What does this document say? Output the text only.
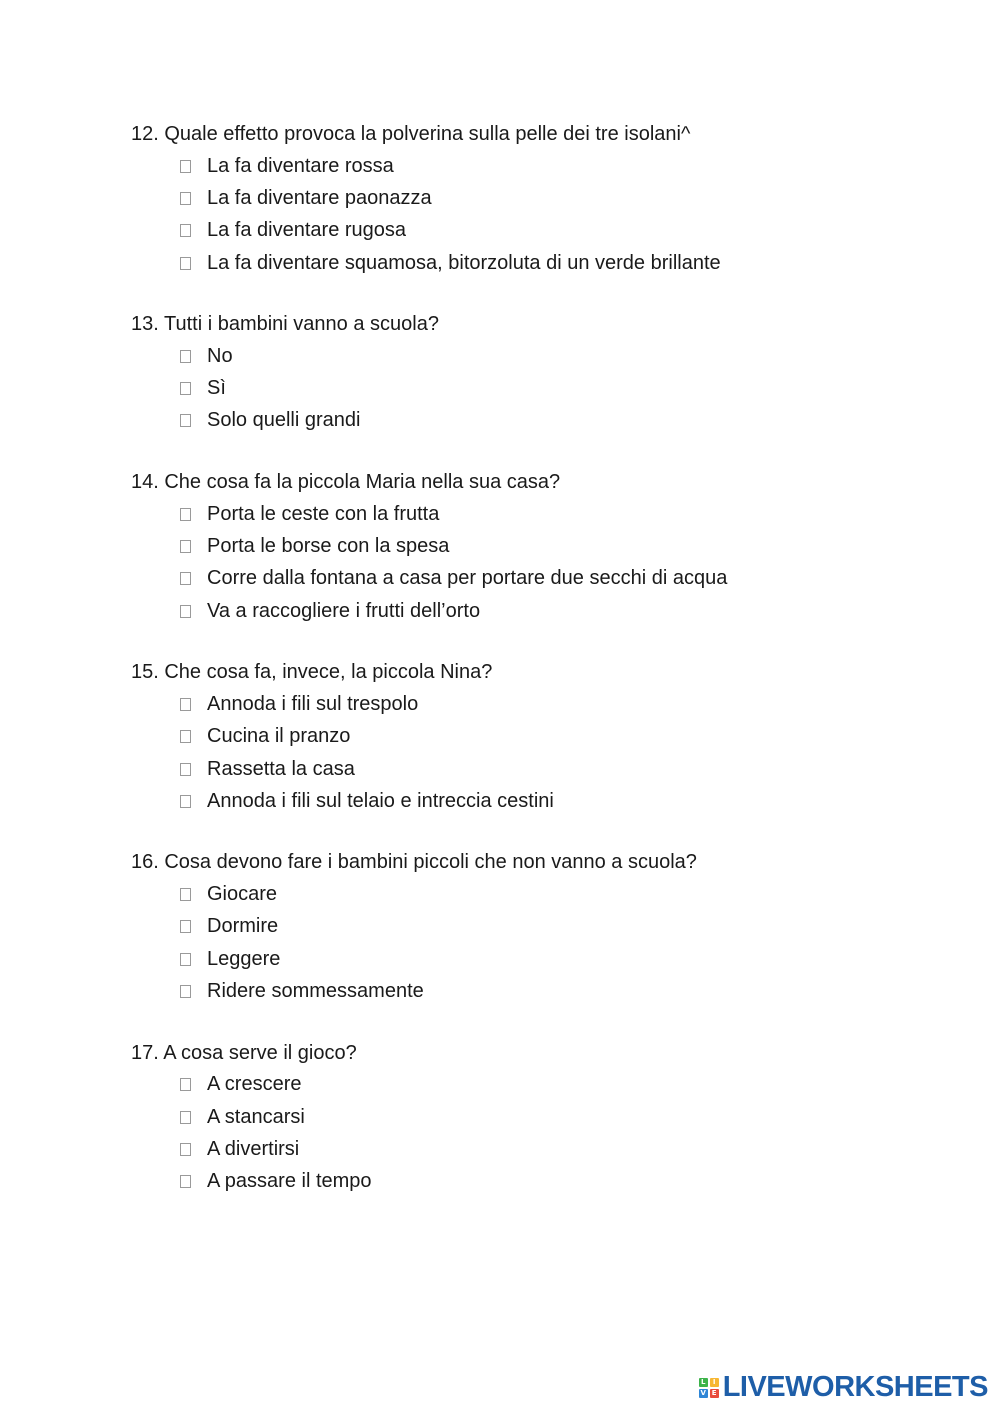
12. Quale effetto provoca la polverina sulla pelle dei tre isolani^
La fa diventare rossa
La fa diventare paonazza
La fa diventare rugosa
La fa diventare squamosa, bitorzoluta di un verde brillante
13. Tutti i bambini vanno a scuola?
No
Sì
Solo quelli grandi
14. Che cosa fa la piccola Maria nella sua casa?
Porta le ceste con la frutta
Porta le borse con la spesa
Corre dalla fontana a casa per portare due secchi di acqua
Va a raccogliere i frutti dell’orto
15. Che cosa fa, invece, la piccola Nina?
Annoda i fili sul trespolo
Cucina il pranzo
Rassetta la casa
Annoda i fili sul telaio e intreccia cestini
16. Cosa devono fare i bambini piccoli che non vanno a scuola?
Giocare
Dormire
Leggere
Ridere sommessamente
17. A cosa serve il gioco?
A crescere
A stancarsi
A divertirsi
A passare il tempo
L	I
V E LIVEWORKSHEETS
